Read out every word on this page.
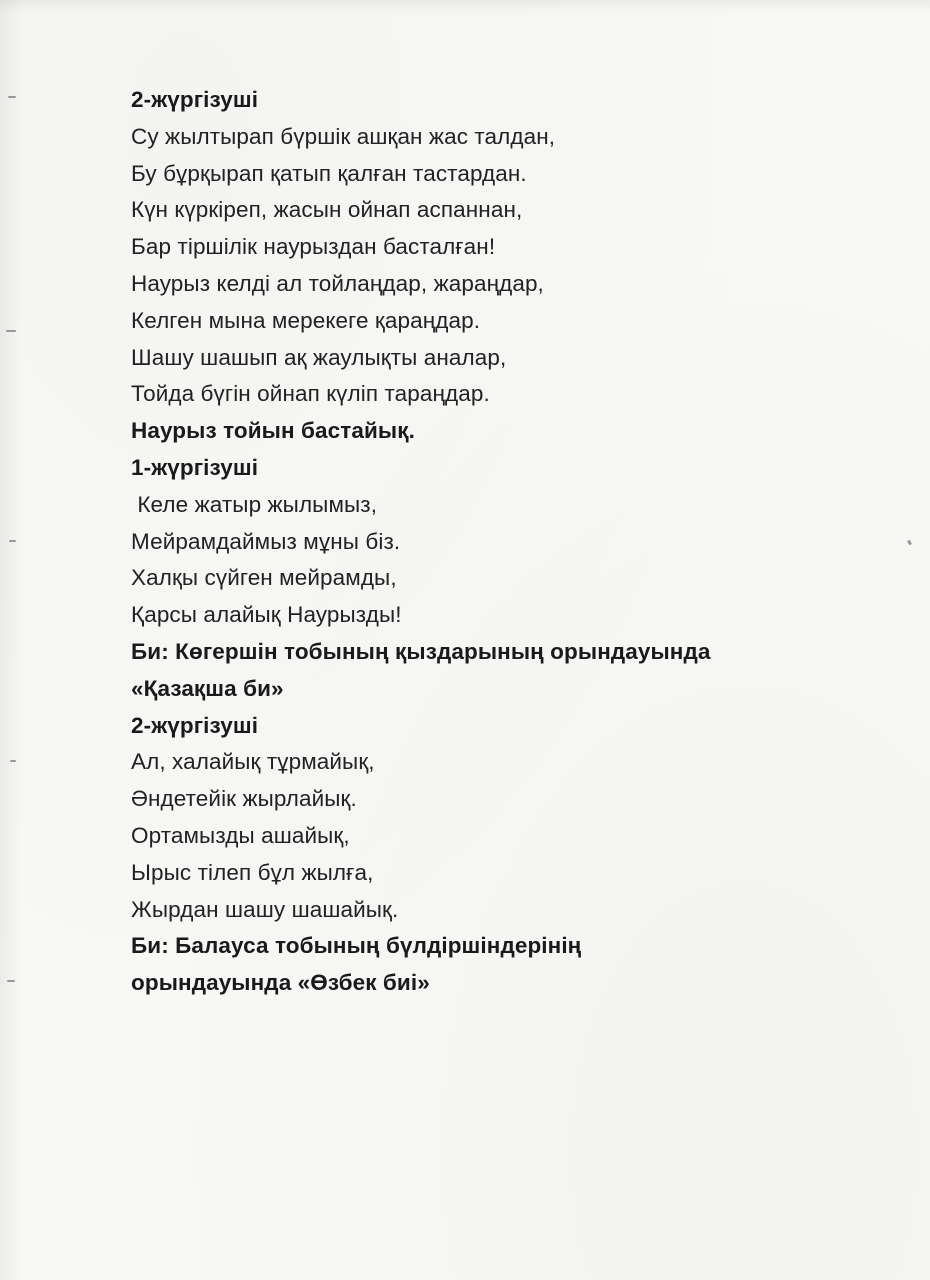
2-жүргізуші
Су жылтырап бүршік ашқан жас талдан,
Бу бұрқырап қатып қалған тастардан.
Күн күркіреп, жасын ойнап аспаннан,
Бар тіршілік наурыздан басталған!
Наурыз келді ал тойлаңдар, жараңдар,
Келген мына мерекеге қараңдар.
Шашу шашып ақ жаулықты аналар,
Тойда бүгін ойнап күліп тараңдар.
Наурыз тойын бастайық.
1-жүргізуші
Келе жатыр жылымыз,
Мейрамдаймыз мұны біз.
Халқы сүйген мейрамды,
Қарсы алайық Наурызды!
Би: Көгершін тобының қыздарының орындауында
«Қазақша би»
2-жүргізуші
Ал, халайық тұрмайық,
Әндетейік жырлайық.
Ортамызды ашайық,
Ырыс тілеп бұл жылға,
Жырдан шашу шашайық.
Би: Балауса тобының бүлдіршіндерінің
орындауында «Өзбек биі»
